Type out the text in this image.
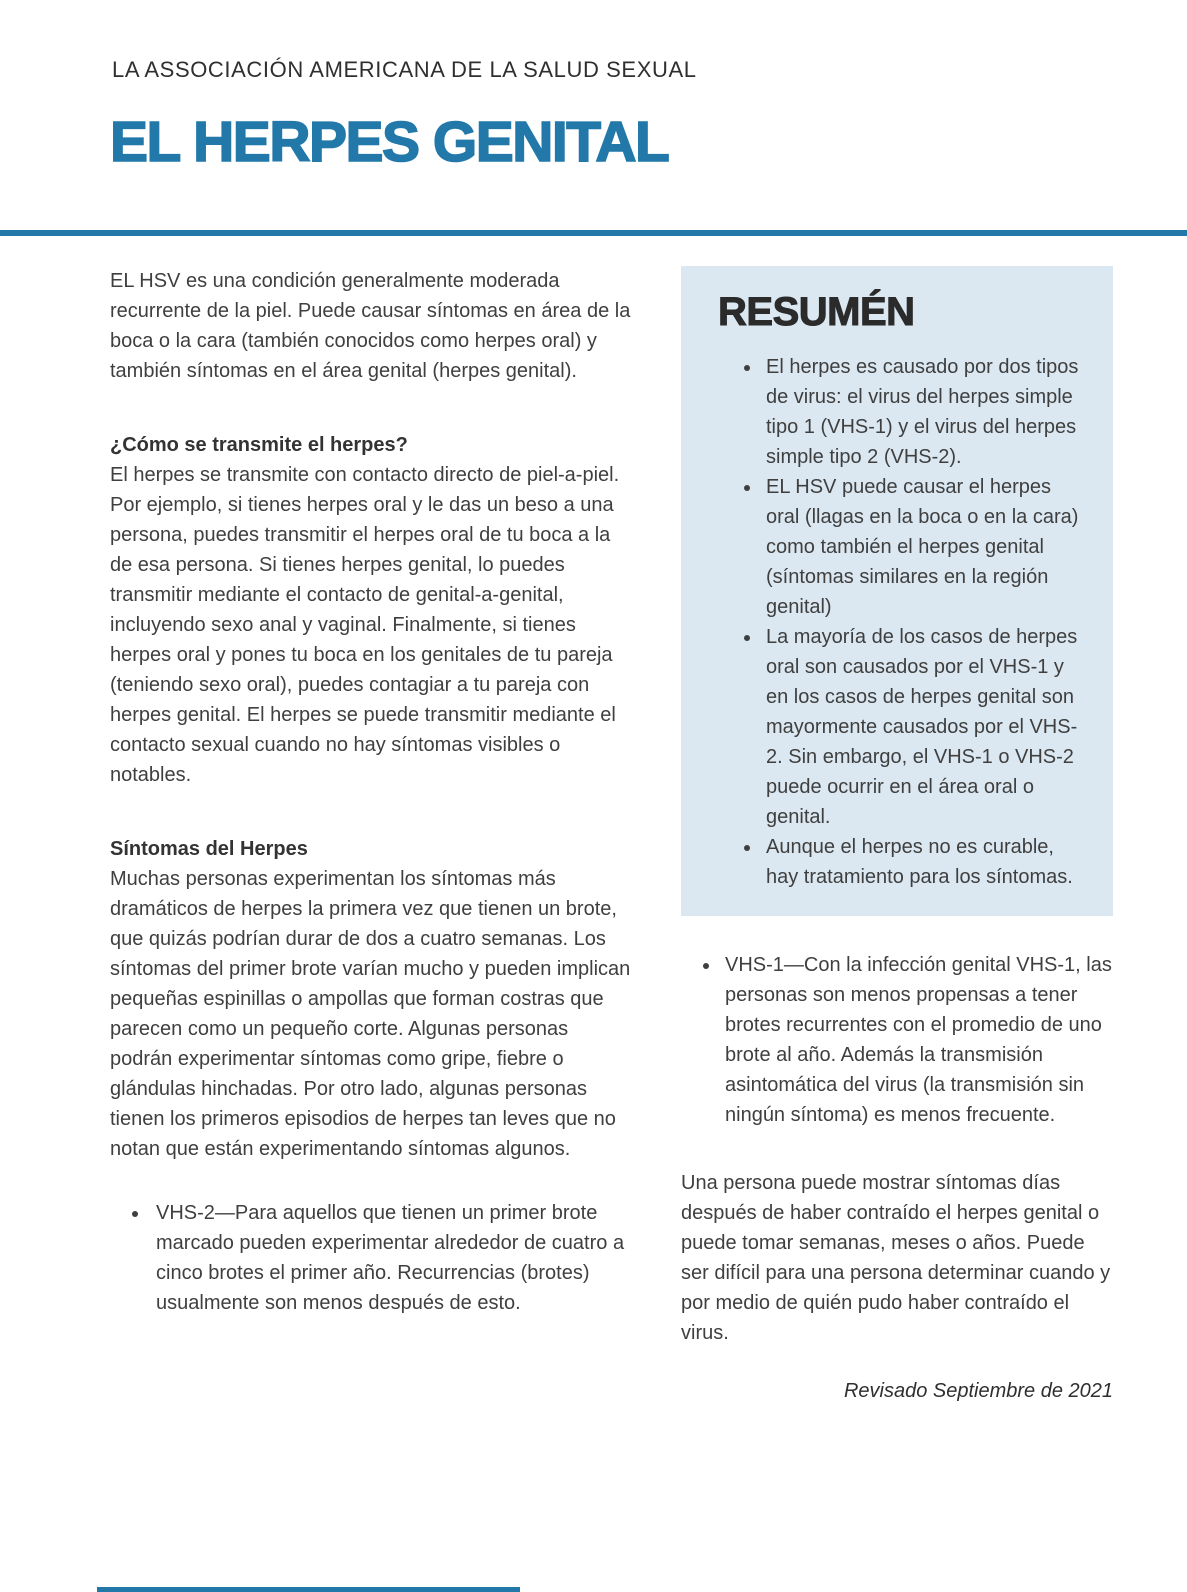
LA ASSOCIACIÓN AMERICANA DE LA SALUD SEXUAL
EL HERPES GENITAL

EL HSV es una condición generalmente moderada recurrente de la piel. Puede causar síntomas en área de la boca o la cara (también conocidos como herpes oral) y también síntomas en el área genital (herpes genital).

¿Cómo se transmite el herpes?

El herpes se transmite con contacto directo de piel-a-piel. Por ejemplo, si tienes herpes oral y le das un beso a una persona, puedes transmitir el herpes oral de tu boca a la de esa persona. Si tienes herpes genital, lo puedes transmitir mediante el contacto de genital-a-genital, incluyendo sexo anal y vaginal. Finalmente, si tienes herpes oral y pones tu boca en los genitales de tu pareja (teniendo sexo oral), puedes contagiar a tu pareja con herpes genital. El herpes se puede transmitir mediante el contacto sexual cuando no hay síntomas visibles o notables.

Síntomas del Herpes

Muchas personas experimentan los síntomas más dramáticos de herpes la primera vez que tienen un brote, que quizás podrían durar de dos a cuatro semanas. Los síntomas del primer brote varían mucho y pueden implican pequeñas espinillas o ampollas que forman costras que parecen como un pequeño corte. Algunas personas podrán experimentar síntomas como gripe, fiebre o glándulas hinchadas. Por otro lado, algunas personas tienen los primeros episodios de herpes tan leves que no notan que están experimentando síntomas algunos.

• VHS-2—Para aquellos que tienen un primer brote marcado pueden experimentar alrededor de cuatro a cinco brotes el primer año. Recurrencias (brotes) usualmente son menos después de esto.
RESUMÉN
• El herpes es causado por dos tipos de virus: el virus del herpes simple tipo 1 (VHS-1) y el virus del herpes simple tipo 2 (VHS-2).
• EL HSV puede causar el herpes oral (llagas en la boca o en la cara) como también el herpes genital (síntomas similares en la región genital)
• La mayoría de los casos de herpes oral son causados por el VHS-1 y en los casos de herpes genital son mayormente causados por el VHS-2. Sin embargo, el VHS-1 o VHS-2 puede ocurrir en el área oral o genital.
• Aunque el herpes no es curable, hay tratamiento para los síntomas.
• VHS-1—Con la infección genital VHS-1, las personas son menos propensas a tener brotes recurrentes con el promedio de uno brote al año. Además la transmisión asintomática del virus (la transmisión sin ningún síntoma) es menos frecuente.

Una persona puede mostrar síntomas días después de haber contraído el herpes genital o puede tomar semanas, meses o años. Puede ser difícil para una persona determinar cuando y por medio de quién pudo haber contraído el virus.

Revisado Septiembre de 2021
